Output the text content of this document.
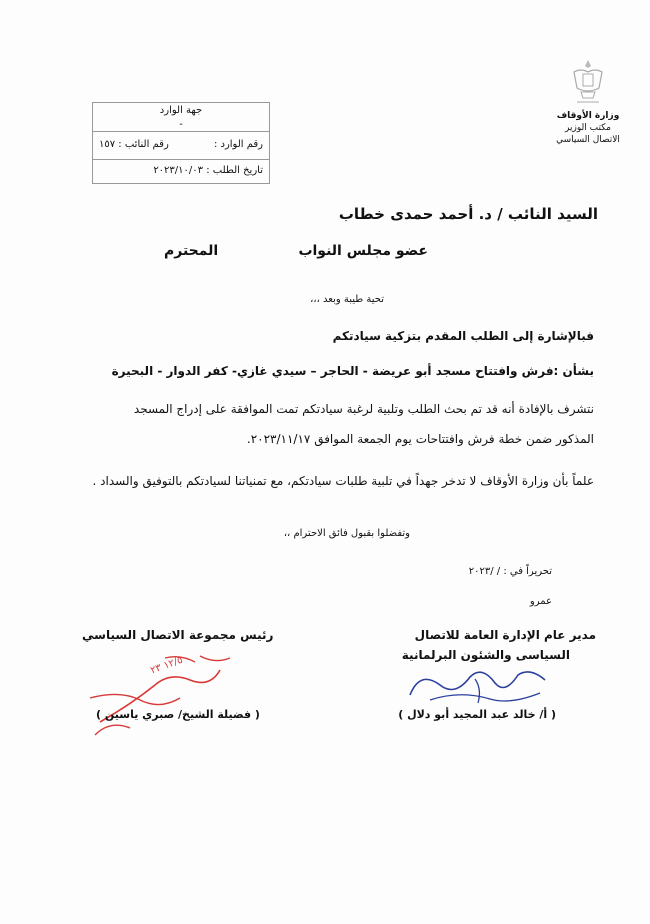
وزارة الأوقاف
مكتب الوزير
الاتصال السياسي
جهة الوارد
-
رقم الوارد :
رقم النائب : ١٥٧
تاريخ الطلب : ٢٠٢٣/١٠/٠٣
السيد النائب / د. أحمد حمدى خطاب
عضو مجلس النواب
المحترم
تحية طيبة وبعد ،،،
فبالإشارة إلى الطلب المقدم بتزكية سيادتكم
بشأن :فرش وافتتاح مسجد أبو عريضة - الحاجر – سيدي غازي- كفر الدوار - البحيرة
نتشرف بالإفادة أنه قد تم بحث الطلب وتلبية لرغبة سيادتكم تمت الموافقة على إدراج المسجد
المذكور ضمن خطة فرش وافتتاحات يوم الجمعة الموافق ٢٠٢٣/١١/١٧.
علماً بأن وزارة الأوقاف لا تدخر جهداً في تلبية طلبات سيادتكم، مع تمنياتنا لسيادتكم بالتوفيق والسداد .
وتفضلوا بقبول فائق الاحترام ،،
تحريراً في : / /٢٠٢٣
عمرو
مدير عام الإدارة العامة للاتصال
السياسى والشئون البرلمانية
( أ/ خالد عبد المجيد أبو دلال )
رئيس مجموعة الاتصال السياسي
١٢/٥ ٢٣
( فضيلة الشيخ/ صبري ياسين )
